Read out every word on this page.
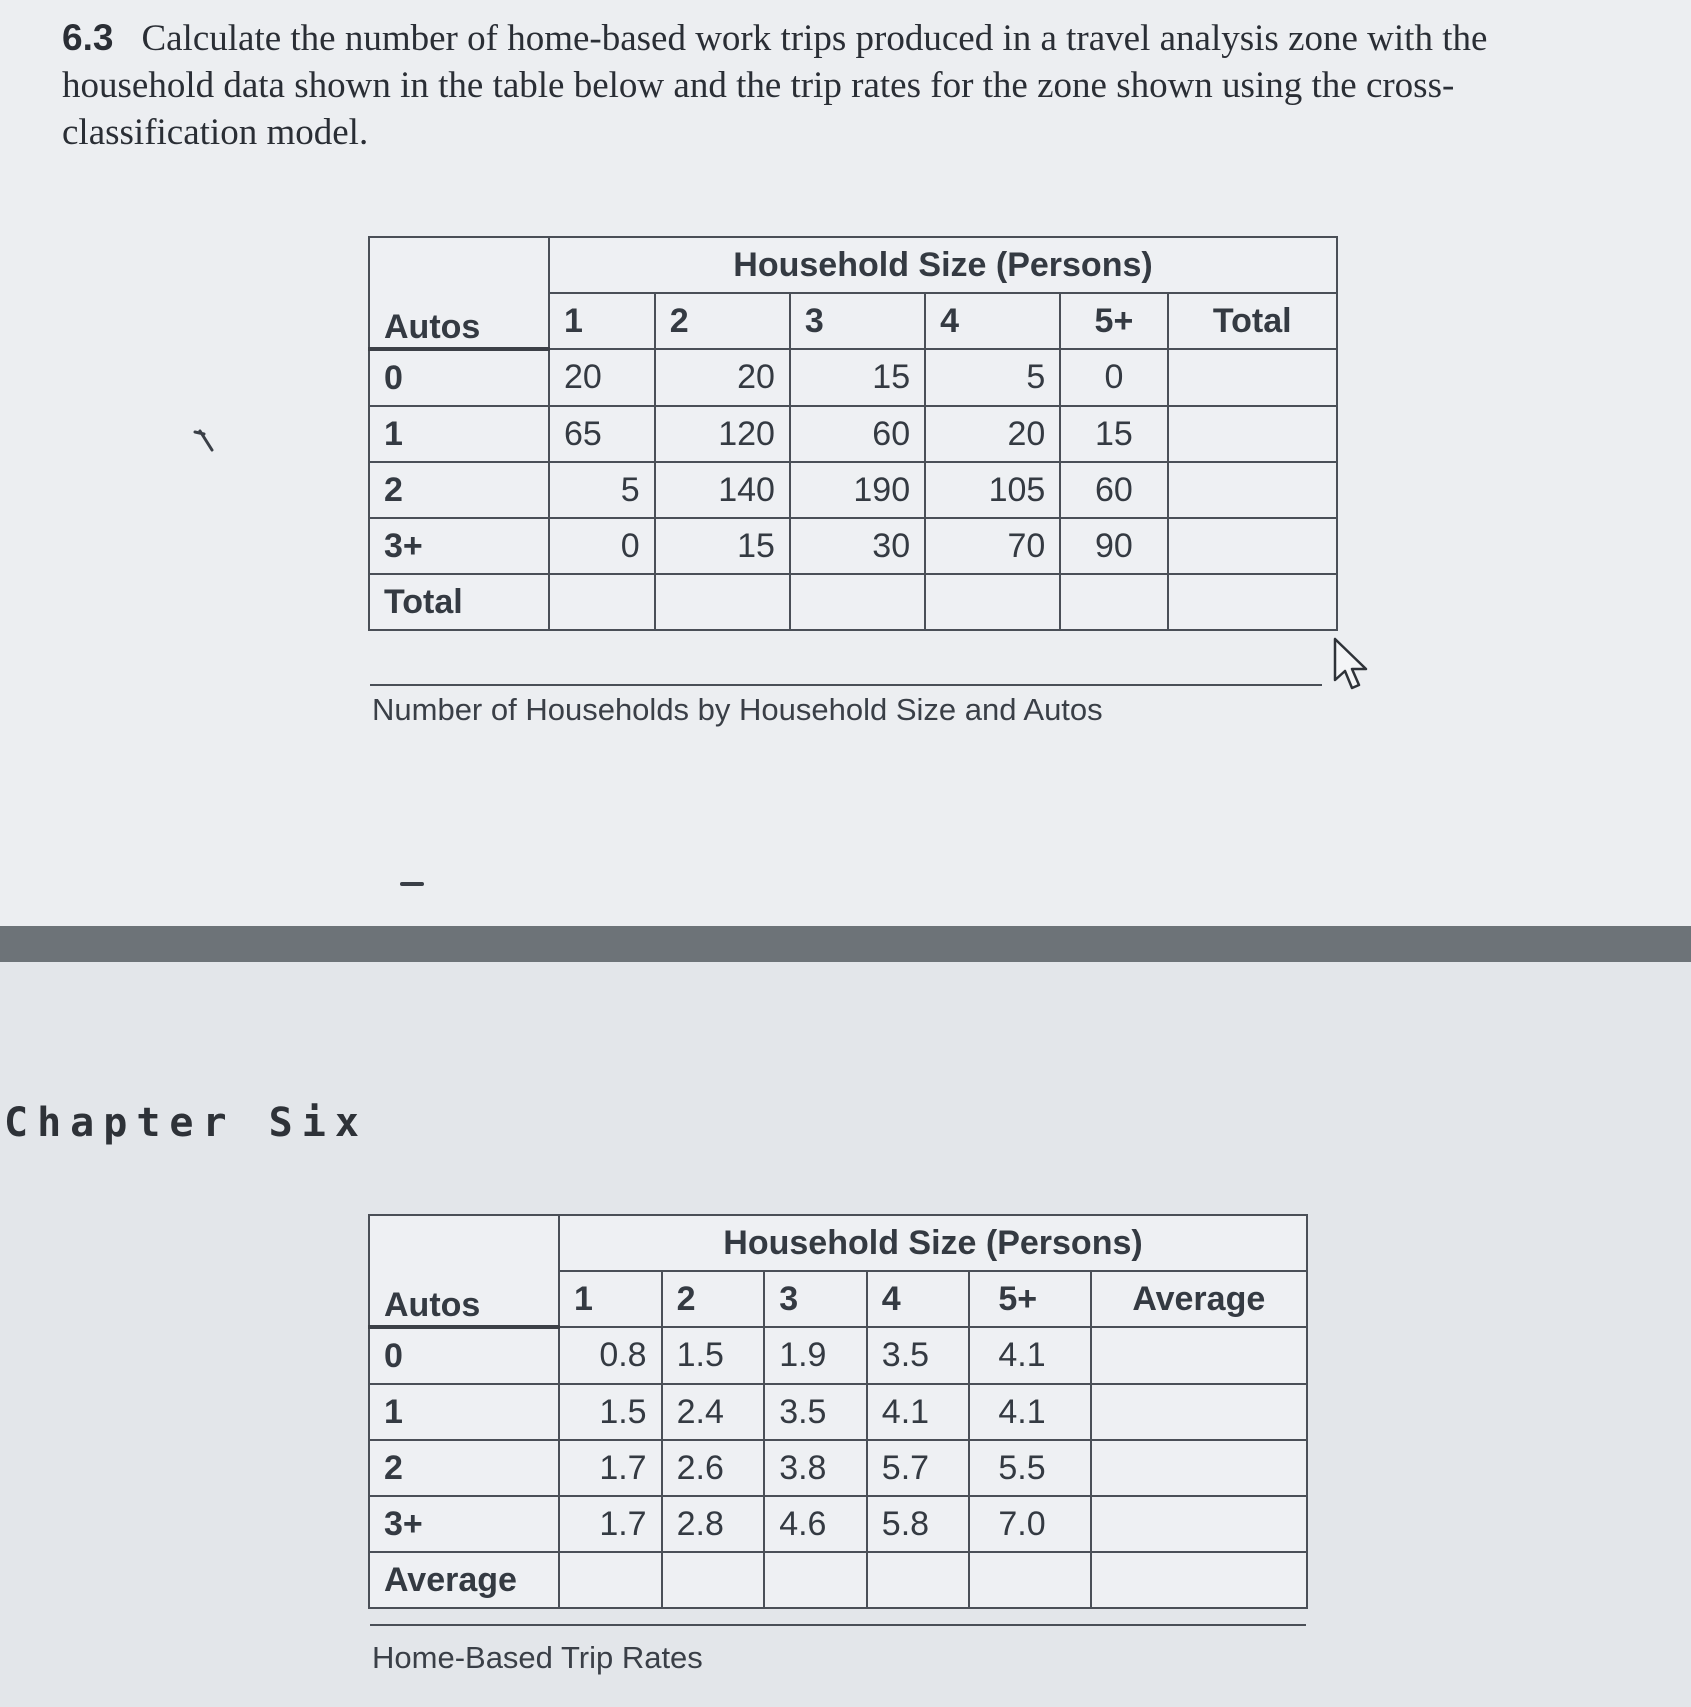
6.3 Calculate the number of home-based work trips produced in a travel analysis zone with the household data shown in the table below and the trip rates for the zone shown using the cross-classification model.
Autos	Household Size (Persons)					
	1	2	3	4	5+	Total
0	20	20	15	5	0	
1	65	120	60	20	15	
2	5	140	190	105	60	
3+	0	15	30	70	90	
Total						
Number of Households by Household Size and Autos
Chapter Six
Autos	Household Size (Persons)					
	1	2	3	4	5+	Average
0	0.8	1.5	1.9	3.5	4.1	
1	1.5	2.4	3.5	4.1	4.1	
2	1.7	2.6	3.8	5.7	5.5	
3+	1.7	2.8	4.6	5.8	7.0	
Average						
Home-Based Trip Rates
